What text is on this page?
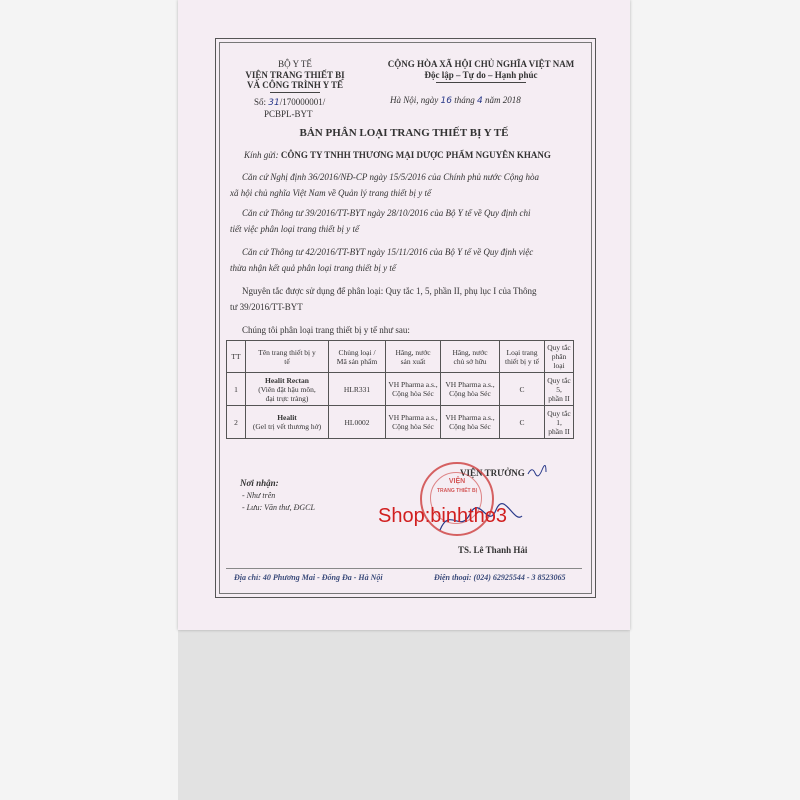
BỘ Y TẾ
VIỆN TRANG THIẾT BỊ
VÀ CÔNG TRÌNH Y TẾ
Số: 31/170000001/
PCBPL-BYT
CỘNG HÒA XÃ HỘI CHỦ NGHĨA VIỆT NAM
Độc lập – Tự do – Hạnh phúc
Hà Nội, ngày 16 tháng 4 năm 2018
BẢN PHÂN LOẠI TRANG THIẾT BỊ Y TẾ
Kính gửi: CÔNG TY TNHH THƯƠNG MẠI DƯỢC PHẨM NGUYÊN KHANG
Căn cứ Nghị định 36/2016/NĐ-CP ngày 15/5/2016 của Chính phủ nước Cộng hòa
xã hội chủ nghĩa Việt Nam về Quản lý trang thiết bị y tế
Căn cứ Thông tư 39/2016/TT-BYT ngày 28/10/2016 của Bộ Y tế về Quy định chi
tiết việc phân loại trang thiết bị y tế
Căn cứ Thông tư 42/2016/TT-BYT ngày 15/11/2016 của Bộ Y tế về Quy định việc
thừa nhận kết quả phân loại trang thiết bị y tế
Nguyên tắc được sử dụng để phân loại: Quy tắc 1, 5, phần II, phụ lục I của Thông
tư 39/2016/TT-BYT
Chúng tôi phân loại trang thiết bị y tế như sau:
TT	Tên trang thiết bị y
tế	Chủng loại /
Mã sản phẩm	Hãng, nước
sản xuất	Hãng, nước
chủ sở hữu	Loại trang
thiết bị y tế	Quy tắc
phân loại
1	Healit Rectan
(Viên đặt hậu môn,
đại trực tràng)	HLR331	VH Pharma a.s.,
Cộng hòa Séc	VH Pharma a.s.,
Cộng hòa Séc	C	Quy tắc 5,
phần II
2	Healit
(Gel trị vết thương hở)	HL0002	VH Pharma a.s.,
Cộng hòa Séc	VH Pharma a.s.,
Cộng hòa Séc	C	Quy tắc 1,
phần II
VIỆN TRƯỞNG
VIỆN
TRANG THIẾT BỊ
TS. Lê Thanh Hải
Nơi nhận:
- Như trên
- Lưu: Văn thư, ĐGCL
Địa chỉ: 40 Phương Mai - Đống Đa - Hà Nội	Điện thoại: (024) 62925544 - 3 8523065
Shop:binhtho3
